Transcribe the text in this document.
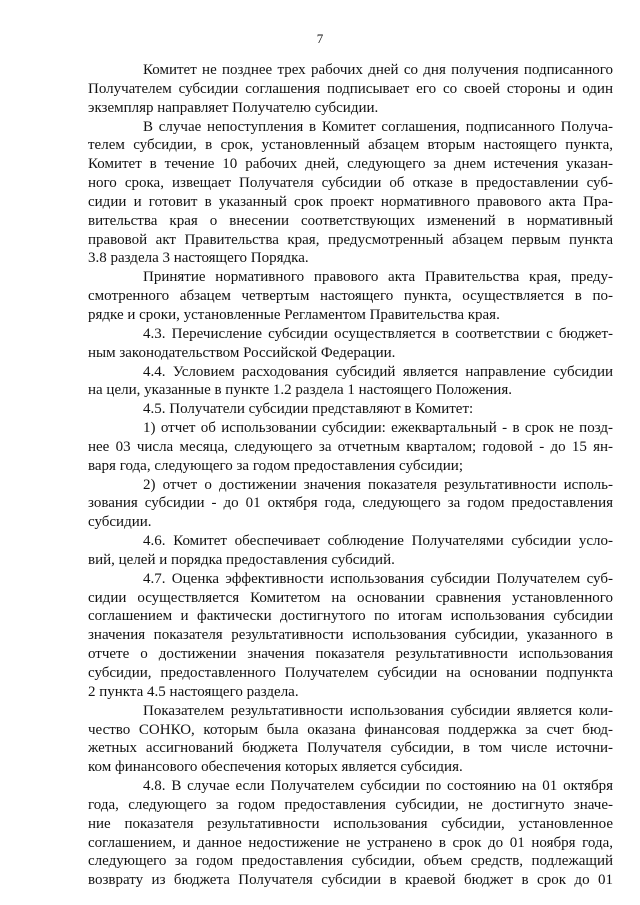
7
Комитет не позднее трех рабочих дней со дня получения подписанного
Получателем субсидии соглашения подписывает его со своей стороны и один
экземпляр направляет Получателю субсидии.
В случае непоступления в Комитет соглашения, подписанного Получа-
телем субсидии, в срок, установленный абзацем вторым настоящего пункта,
Комитет в течение 10 рабочих дней, следующего за днем истечения указан-
ного срока, извещает Получателя субсидии об отказе в предоставлении суб-
сидии и готовит в указанный срок проект нормативного правового акта Пра-
вительства края о внесении соответствующих изменений в нормативный
правовой акт Правительства края, предусмотренный абзацем первым пункта
3.8 раздела 3 настоящего Порядка.
Принятие нормативного правового акта Правительства края, преду-
смотренного абзацем четвертым настоящего пункта, осуществляется в по-
рядке и сроки, установленные Регламентом Правительства края.
4.3. Перечисление субсидии осуществляется в соответствии с бюджет-
ным законодательством Российской Федерации.
4.4. Условием расходования субсидий является направление субсидии
на цели, указанные в пункте 1.2 раздела 1 настоящего Положения.
4.5. Получатели субсидии представляют в Комитет:
1) отчет об использовании субсидии: ежеквартальный - в срок не позд-
нее 03 числа месяца, следующего за отчетным кварталом; годовой - до 15 ян-
варя года, следующего за годом предоставления субсидии;
2) отчет о достижении значения показателя результативности исполь-
зования субсидии - до 01 октября года, следующего за годом предоставления
субсидии.
4.6. Комитет обеспечивает соблюдение Получателями субсидии усло-
вий, целей и порядка предоставления субсидий.
4.7. Оценка эффективности использования субсидии Получателем суб-
сидии осуществляется Комитетом на основании сравнения установленного
соглашением и фактически достигнутого по итогам использования субсидии
значения показателя результативности использования субсидии, указанного в
отчете о достижении значения показателя результативности использования
субсидии, предоставленного Получателем субсидии на основании подпункта
2 пункта 4.5 настоящего раздела.
Показателем результативности использования субсидии является коли-
чество СОНКО, которым была оказана финансовая поддержка за счет бюд-
жетных ассигнований бюджета Получателя субсидии, в том числе источни-
ком финансового обеспечения которых является субсидия.
4.8. В случае если Получателем субсидии по состоянию на 01 октября
года, следующего за годом предоставления субсидии, не достигнуто значе-
ние показателя результативности использования субсидии, установленное
соглашением, и данное недостижение не устранено в срок до 01 ноября года,
следующего за годом предоставления субсидии, объем средств, подлежащий
возврату из бюджета Получателя субсидии в краевой бюджет в срок до 01
